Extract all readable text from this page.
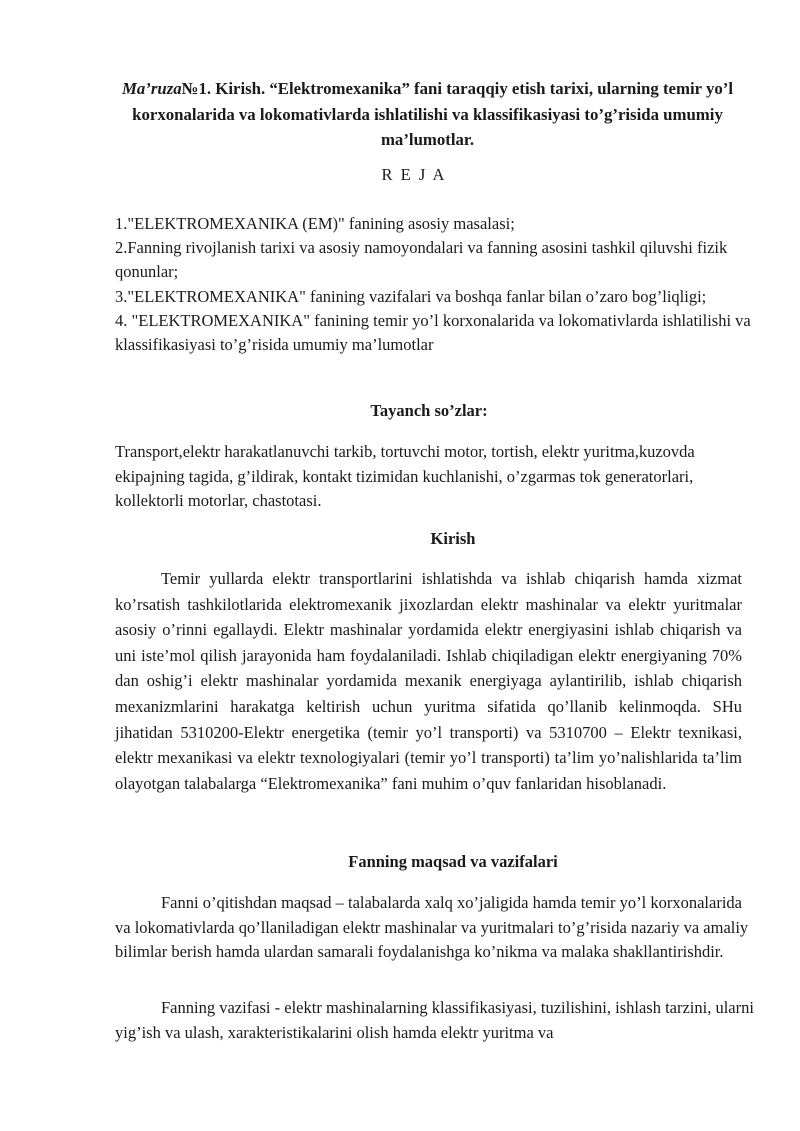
Ma’ruza№1. Kirish. “Elektromexanika” fani taraqqiy etish tarixi, ularning temir yo’l korxonalarida va lokomativlarda ishlatilishi va klassifikasiyasi to’g’risida umumiy ma’lumotlar.
R E J A
1."ELEKTROMEXANIKA (EM)" fanining asosiy masalasi;
2.Fanning rivojlanish tarixi va asosiy namoyondalari va fanning asosini tashkil qiluvshi fizik qonunlar;
3."ELEKTROMEXANIKA" fanining vazifalari va boshqa fanlar bilan o’zaro bog’liqligi;
4. "ELEKTROMEXANIKA" fanining temir yo’l korxonalarida va lokomativlarda ishlatilishi va klassifikasiyasi to’g’risida umumiy ma’lumotlar
Tayanch so’zlar:

Transport,elektr harakatlanuvchi tarkib, tortuvchi motor, tortish, elektr yuritma,kuzovda ekipajning tagida, g’ildirak, kontakt tizimidan kuchlanishi, o’zgarmas tok generatorlari, kollektorli motorlar, chastotasi.

Kirish

Temir yullarda elektr transportlarini ishlatishda va ishlab chiqarish hamda xizmat ko’rsatish tashkilotlarida elektromexanik jixozlardan elektr mashinalar va elektr yuritmalar asosiy o’rinni egallaydi. Elektr mashinalar yordamida elektr energiyasini ishlab chiqarish va uni iste’mol qilish jarayonida ham foydalaniladi. Ishlab chiqiladigan elektr energiyaning 70% dan oshig’i elektr mashinalar yordamida mexanik energiyaga aylantirilib, ishlab chiqarish mexanizmlarini harakatga keltirish uchun yuritma sifatida qo’llanib kelinmoqda. SHu jihatidan 5310200-Elektr energetika (temir yo’l transporti) va 5310700 – Elektr texnikasi, elektr mexanikasi va elektr texnologiyalari (temir yo’l transporti) ta’lim yo’nalishlarida ta’lim olayotgan talabalarga “Elektromexanika” fani muhim o’quv fanlaridan hisoblanadi.

Fanning maqsad va vazifalari

Fanni o’qitishdan maqsad – talabalarda xalq xo’jaligida hamda temir yo’l korxonalarida va lokomativlarda qo’llaniladigan elektr mashinalar va yuritmalari to’g’risida nazariy va amaliy bilimlar berish hamda ulardan samarali foydalanishga ko’nikma va malaka shakllantirishdir.

Fanning vazifasi - elektr mashinalarning klassifikasiyasi, tuzilishini, ishlash tarzini, ularni yig’ish va ulash, xarakteristikalarini olish hamda elektr yuritma va
